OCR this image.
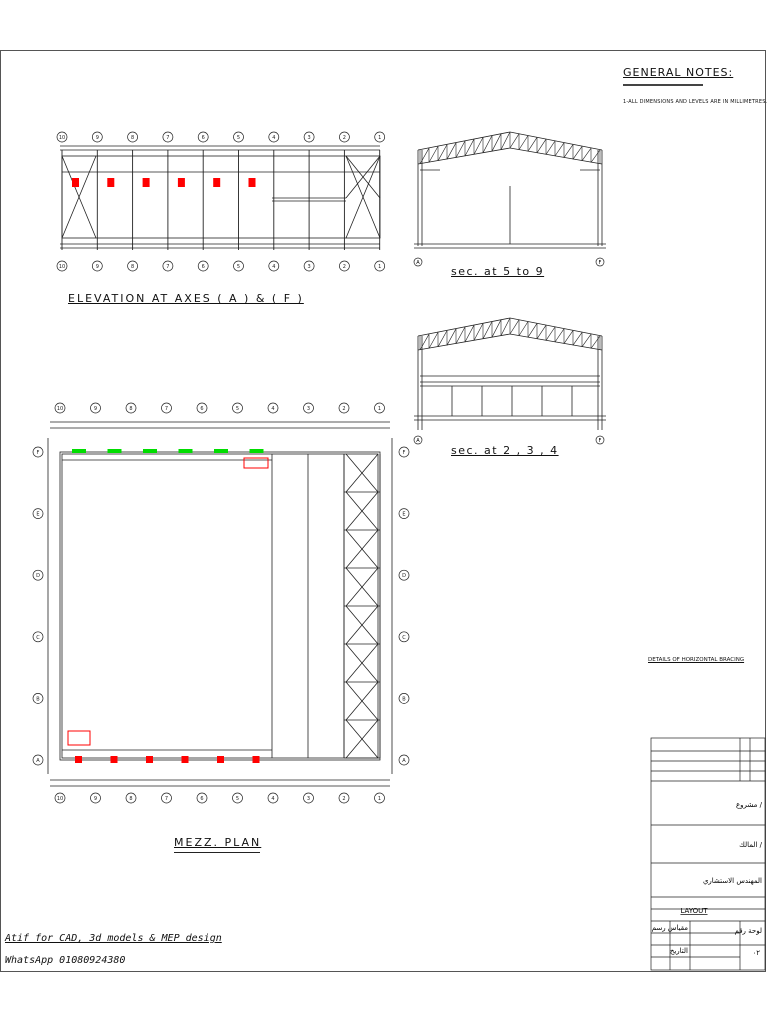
GENERAL NOTES:
1-ALL DIMENSIONS AND LEVELS ARE IN MILLIMETRES.
10	9	8	7	6	5	4	3	2	1
10	9	8	7	6	5	4	3	2	1
ELEVATION AT AXES ( A ) & ( F )
A	F
sec. at 5 to 9
A	F
sec. at 2 , 3 , 4
10	9	8	7	6	5	4	3	2	1
10	9	8	7	6	5	4	3	2	1
F	F
E	E
D	D
C	C
B	B
A	A
MEZZ. PLAN
DETAILS OF HORIZONTAL BRACING
مشروع /
المالك /
المهندس الاستشاري
LAYOUT
لوحة رقم
٠٢
مقياس رسم
التاريخ
Atif for CAD, 3d models & MEP design
WhatsApp 01080924380
